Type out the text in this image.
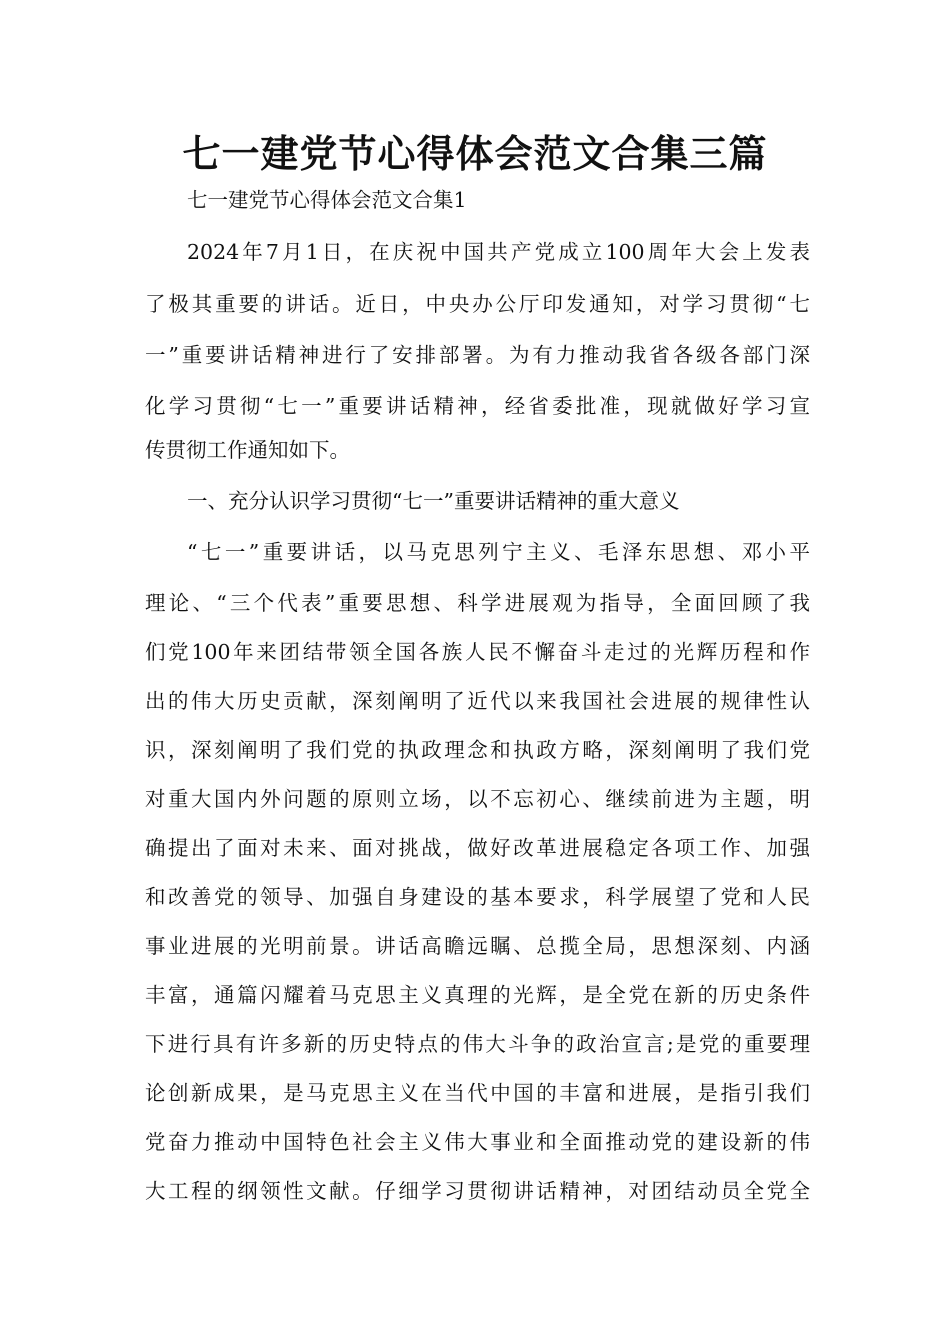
七一建党节心得体会范文合集三篇

七一建党节心得体会范文合集1

2024年7月1日，在庆祝中国共产党成立100周年大会上发表

了极其重要的讲话。近日，中央办公厅印发通知，对学习贯彻“七

一”重要讲话精神进行了安排部署。为有力推动我省各级各部门深

化学习贯彻“七一”重要讲话精神，经省委批准，现就做好学习宣

传贯彻工作通知如下。

一、充分认识学习贯彻“七一”重要讲话精神的重大意义

“七一”重要讲话，以马克思列宁主义、毛泽东思想、邓小平

理论、“三个代表”重要思想、科学进展观为指导，全面回顾了我

们党100年来团结带领全国各族人民不懈奋斗走过的光辉历程和作

出的伟大历史贡献，深刻阐明了近代以来我国社会进展的规律性认

识，深刻阐明了我们党的执政理念和执政方略，深刻阐明了我们党

对重大国内外问题的原则立场，以不忘初心、继续前进为主题，明

确提出了面对未来、面对挑战，做好改革进展稳定各项工作、加强

和改善党的领导、加强自身建设的基本要求，科学展望了党和人民

事业进展的光明前景。讲话高瞻远瞩、总揽全局，思想深刻、内涵

丰富，通篇闪耀着马克思主义真理的光辉，是全党在新的历史条件

下进行具有许多新的历史特点的伟大斗争的政治宣言;是党的重要理

论创新成果，是马克思主义在当代中国的丰富和进展，是指引我们

党奋力推动中国特色社会主义伟大事业和全面推动党的建设新的伟

大工程的纲领性文献。仔细学习贯彻讲话精神，对团结动员全党全
